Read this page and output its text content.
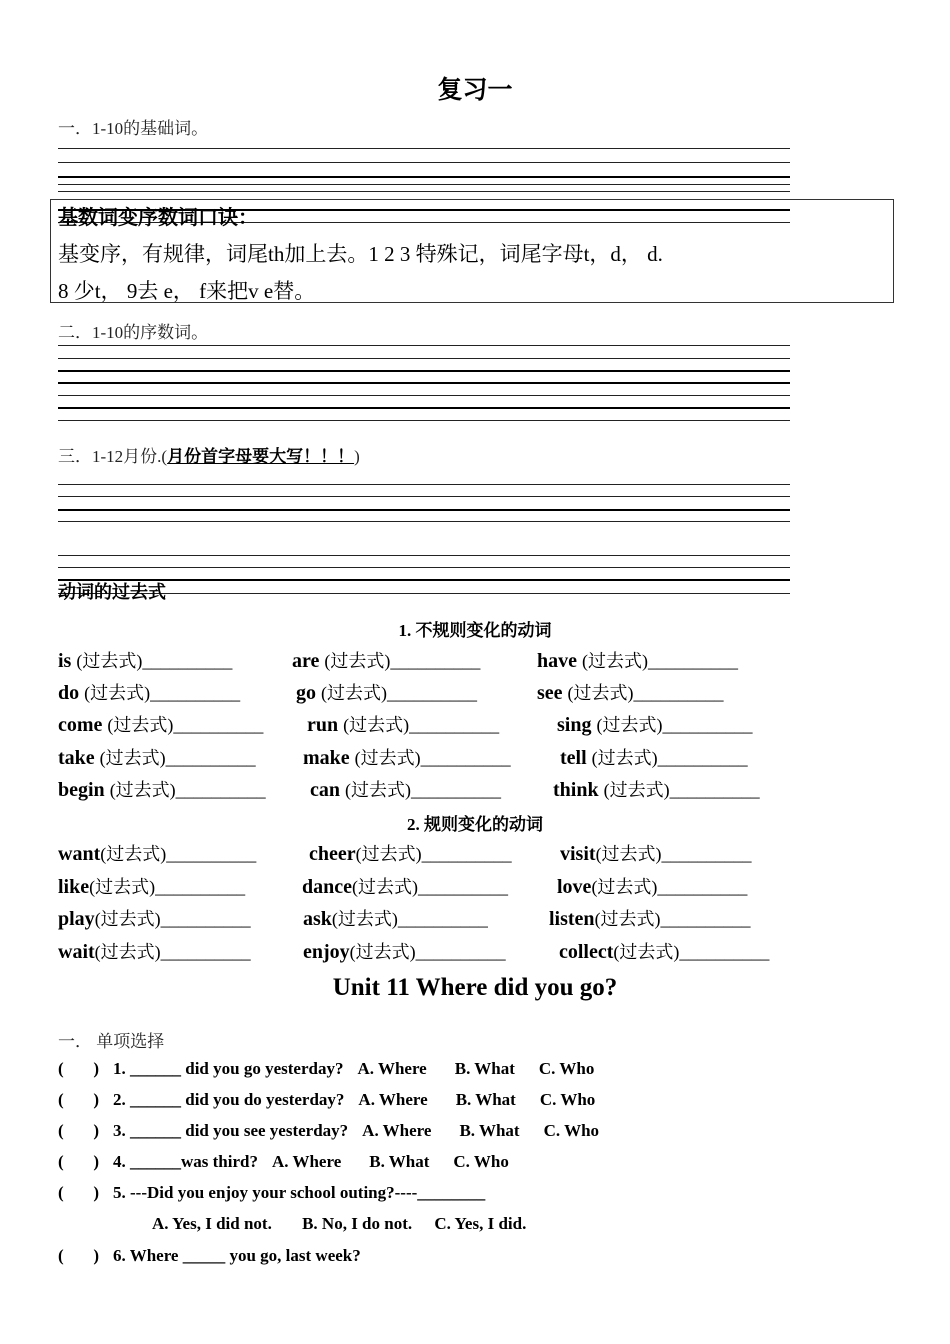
复习一
一．1-10的基础词。
基数词变序数词口诀：
基变序，有规律，词尾th加上去。1 2 3 特殊记，词尾字母t，d， d.
8 少t， 9去 e， f来把v e替。
二．1-10的序数词。
三．1-12月份.(月份首字母要大写！！！)
动词的过去式
1. 不规则变化的动词
is (过去式)__________	are (过去式)__________	have (过去式)__________
do (过去式)__________	go (过去式)__________	see (过去式)__________
come (过去式)__________ run (过去式)__________	sing (过去式)__________
take (过去式)__________ make (过去式)__________ tell (过去式)__________
begin (过去式)__________ can (过去式)__________	think (过去式)__________
2. 规则变化的动词
want(过去式)__________	cheer(过去式)__________ visit(过去式)__________
like(过去式)__________	dance(过去式)__________ love(过去式)__________
play(过去式)__________	ask(过去式)__________	listen(过去式)__________
wait(过去式)__________	enjoy(过去式)__________	collect(过去式)__________
Unit 11 Where did you go?
一． 单项选择
(       ) 1. ______ did you go yesterday? A. Where B. What C. Who
(       ) 2. ______ did you do yesterday? A. Where B. What C. Who
(       ) 3. ______ did you see yesterday? A. Where B. What C. Who
(       ) 4. ______was third? A. Where B. What C. Who
(       ) 5. ---Did you enjoy your school outing?----________
(       ) 6. Where _____ you go, last week?
A. Yes, I did not. B. No, I do not. C. Yes, I did.
